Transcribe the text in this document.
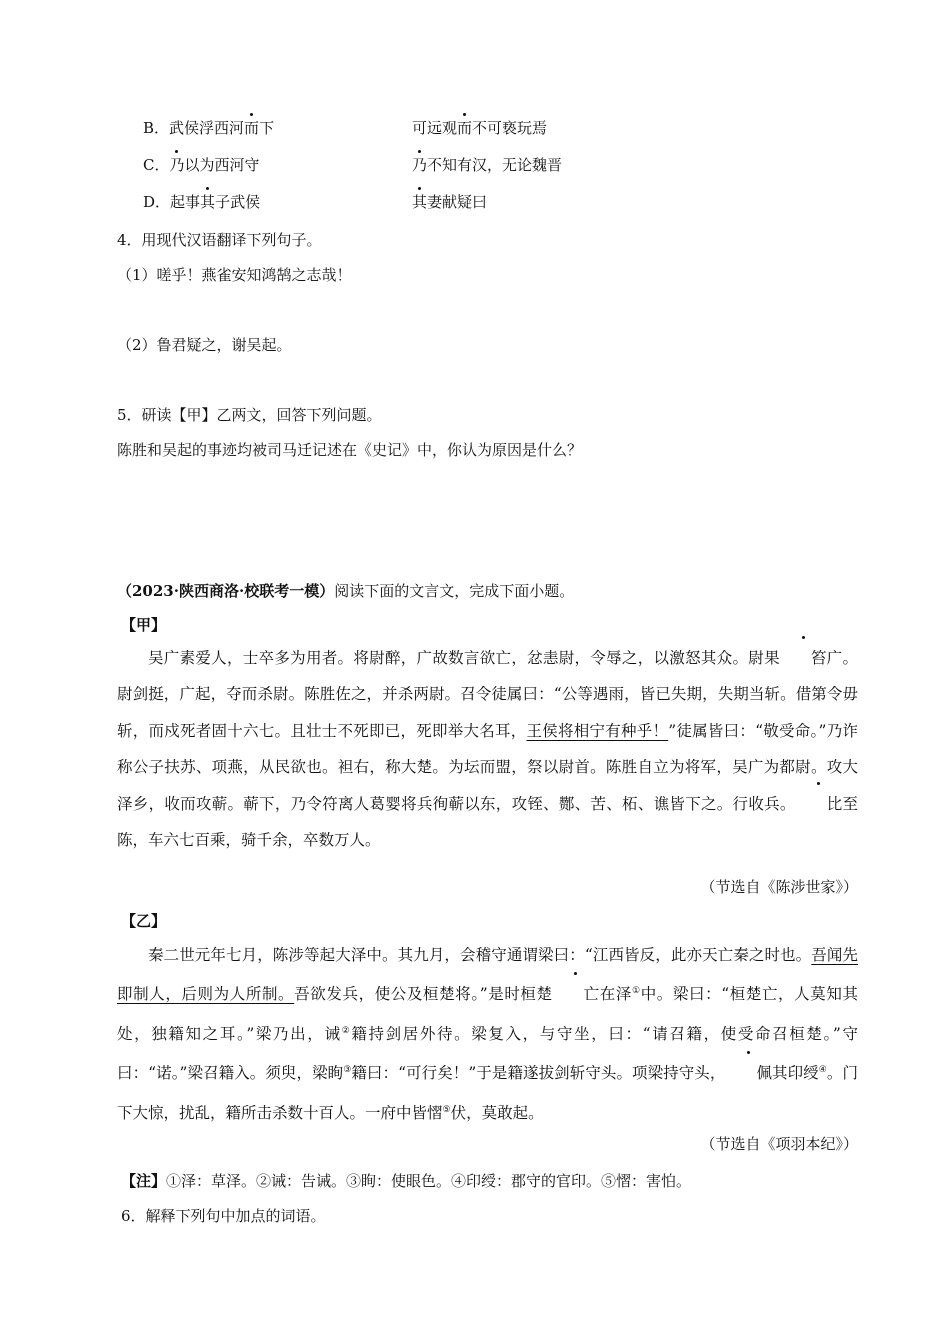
B．武侯浮西河而下	可远观而不可亵玩焉
C．乃以为西河守	乃不知有汉，无论魏晋
D．起事其子武侯	其妻献疑曰
4．用现代汉语翻译下列句子。
（1）嗟乎！燕雀安知鸿鹄之志哉！
（2）鲁君疑之，谢吴起。
5．研读【甲】乙两文，回答下列问题。
陈胜和吴起的事迹均被司马迁记述在《史记》中，你认为原因是什么？
（2023·陕西商洛·校联考一模）阅读下面的文言文，完成下面小题。
【甲】

吴广素爱人，士卒多为用者。将尉醉，广故数言欲亡，忿恚尉，令辱之，以激怒其众。尉果 笞广。尉剑挺，广起，夺而杀尉。陈胜佐之，并杀两尉。召令徒属曰：“公等遇雨，皆已失期，失期当斩。借第令毋斩，而戍死者固十六七。且壮士不死即已，死即举大名耳，王侯将相宁有种乎！”徒属皆曰：“敬受命。”乃诈称公子扶苏、项燕，从民欲也。袒右，称大楚。为坛而盟，祭以尉首。陈胜自立为将军，吴广为都尉。攻大泽乡，收而攻蕲。蕲下，乃令符离人葛婴将兵徇蕲以东，攻铚、酂、苦、柘、谯皆下之。行收兵。 比至陈，车六七百乘，骑千余，卒数万人。

（节选自《陈涉世家》）
【乙】

秦二世元年七月，陈涉等起大泽中。其九月，会稽守通谓梁曰：“江西皆反，此亦天亡秦之时也。吾闻先即制人，后则为人所制。吾欲发兵，使公及桓楚将。”是时桓楚 亡在泽①中。梁曰：“桓楚亡，人莫知其处，独籍知之耳。”梁乃出，诫②籍持剑居外待。梁复入，与守坐，曰：“请召籍，使受命召桓楚。”守曰：“诺。”梁召籍入。须臾，梁眴③籍曰：“可行矣！”于是籍遂拔剑斩守头。项梁持守头， 佩其印绶④。门下大惊，扰乱，籍所击杀数十百人。一府中皆慴⑤伏，莫敢起。

（节选自《项羽本纪》）
【注】①泽：草泽。②诫：告诫。③眴：使眼色。④印绶：郡守的官印。⑤慴：害怕。
6．解释下列句中加点的词语。
